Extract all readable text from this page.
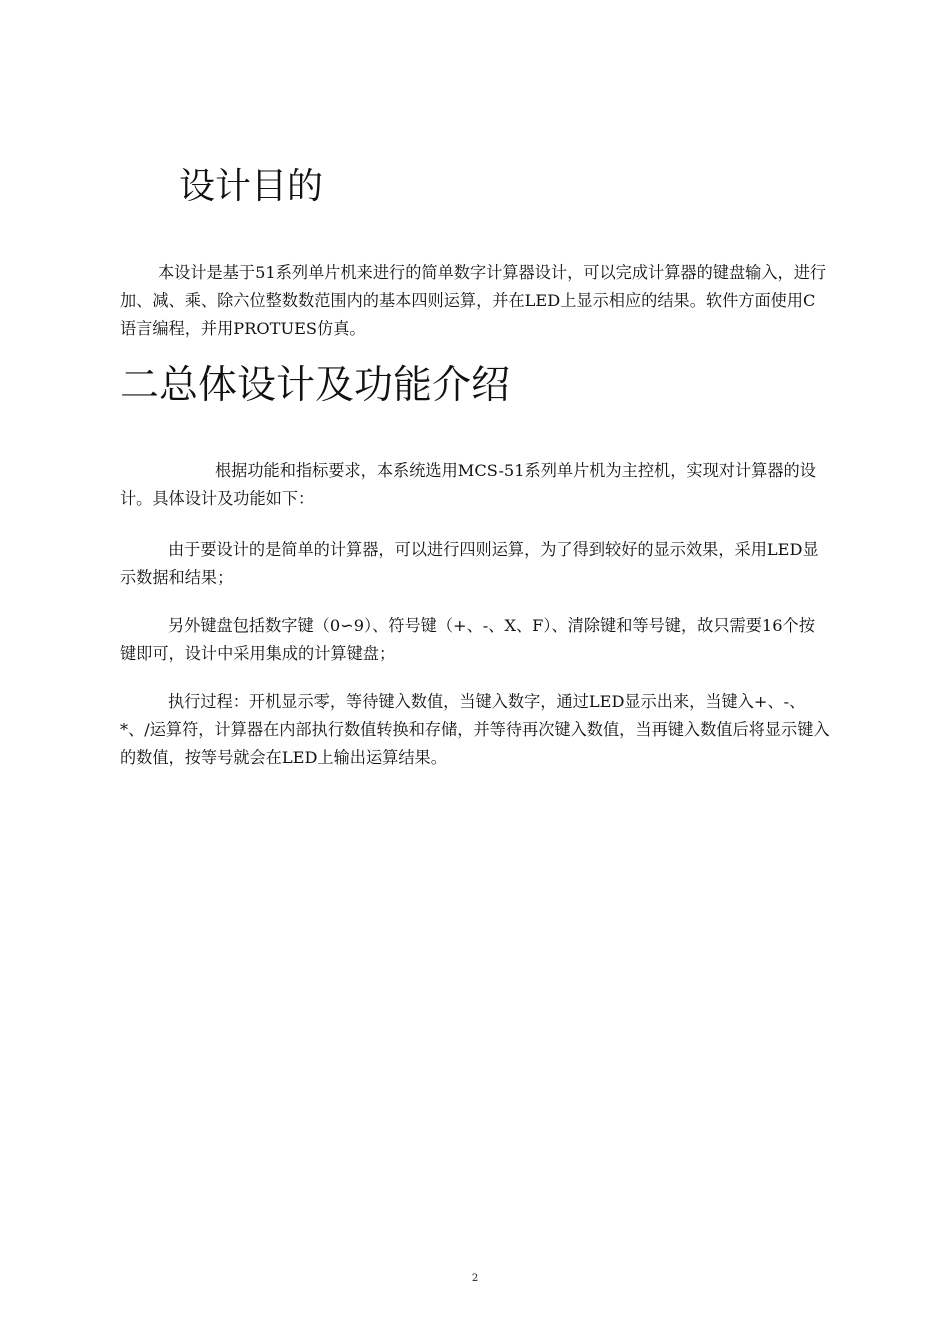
设计目的

本设计是基于51系列单片机来进行的简单数字计算器设计，可以完成计算器的键盘输入，进行加、减、乘、除六位整数数范围内的基本四则运算，并在LED上显示相应的结果。软件方面使用C语言编程，并用PROTUES仿真。

二总体设计及功能介绍

根据功能和指标要求，本系统选用MCS-51系列单片机为主控机，实现对计算器的设计。具体设计及功能如下：

由于要设计的是简单的计算器，可以进行四则运算，为了得到较好的显示效果，采用LED显示数据和结果；

另外键盘包括数字键（0∽9）、符号键（+、-、X、F）、清除键和等号键，故只需要16个按键即可，设计中采用集成的计算键盘；

执行过程：开机显示零，等待键入数值，当键入数字，通过LED显示出来，当键入+、-、*、/运算符，计算器在内部执行数值转换和存储，并等待再次键入数值，当再键入数值后将显示键入的数值，按等号就会在LED上输出运算结果。

2
